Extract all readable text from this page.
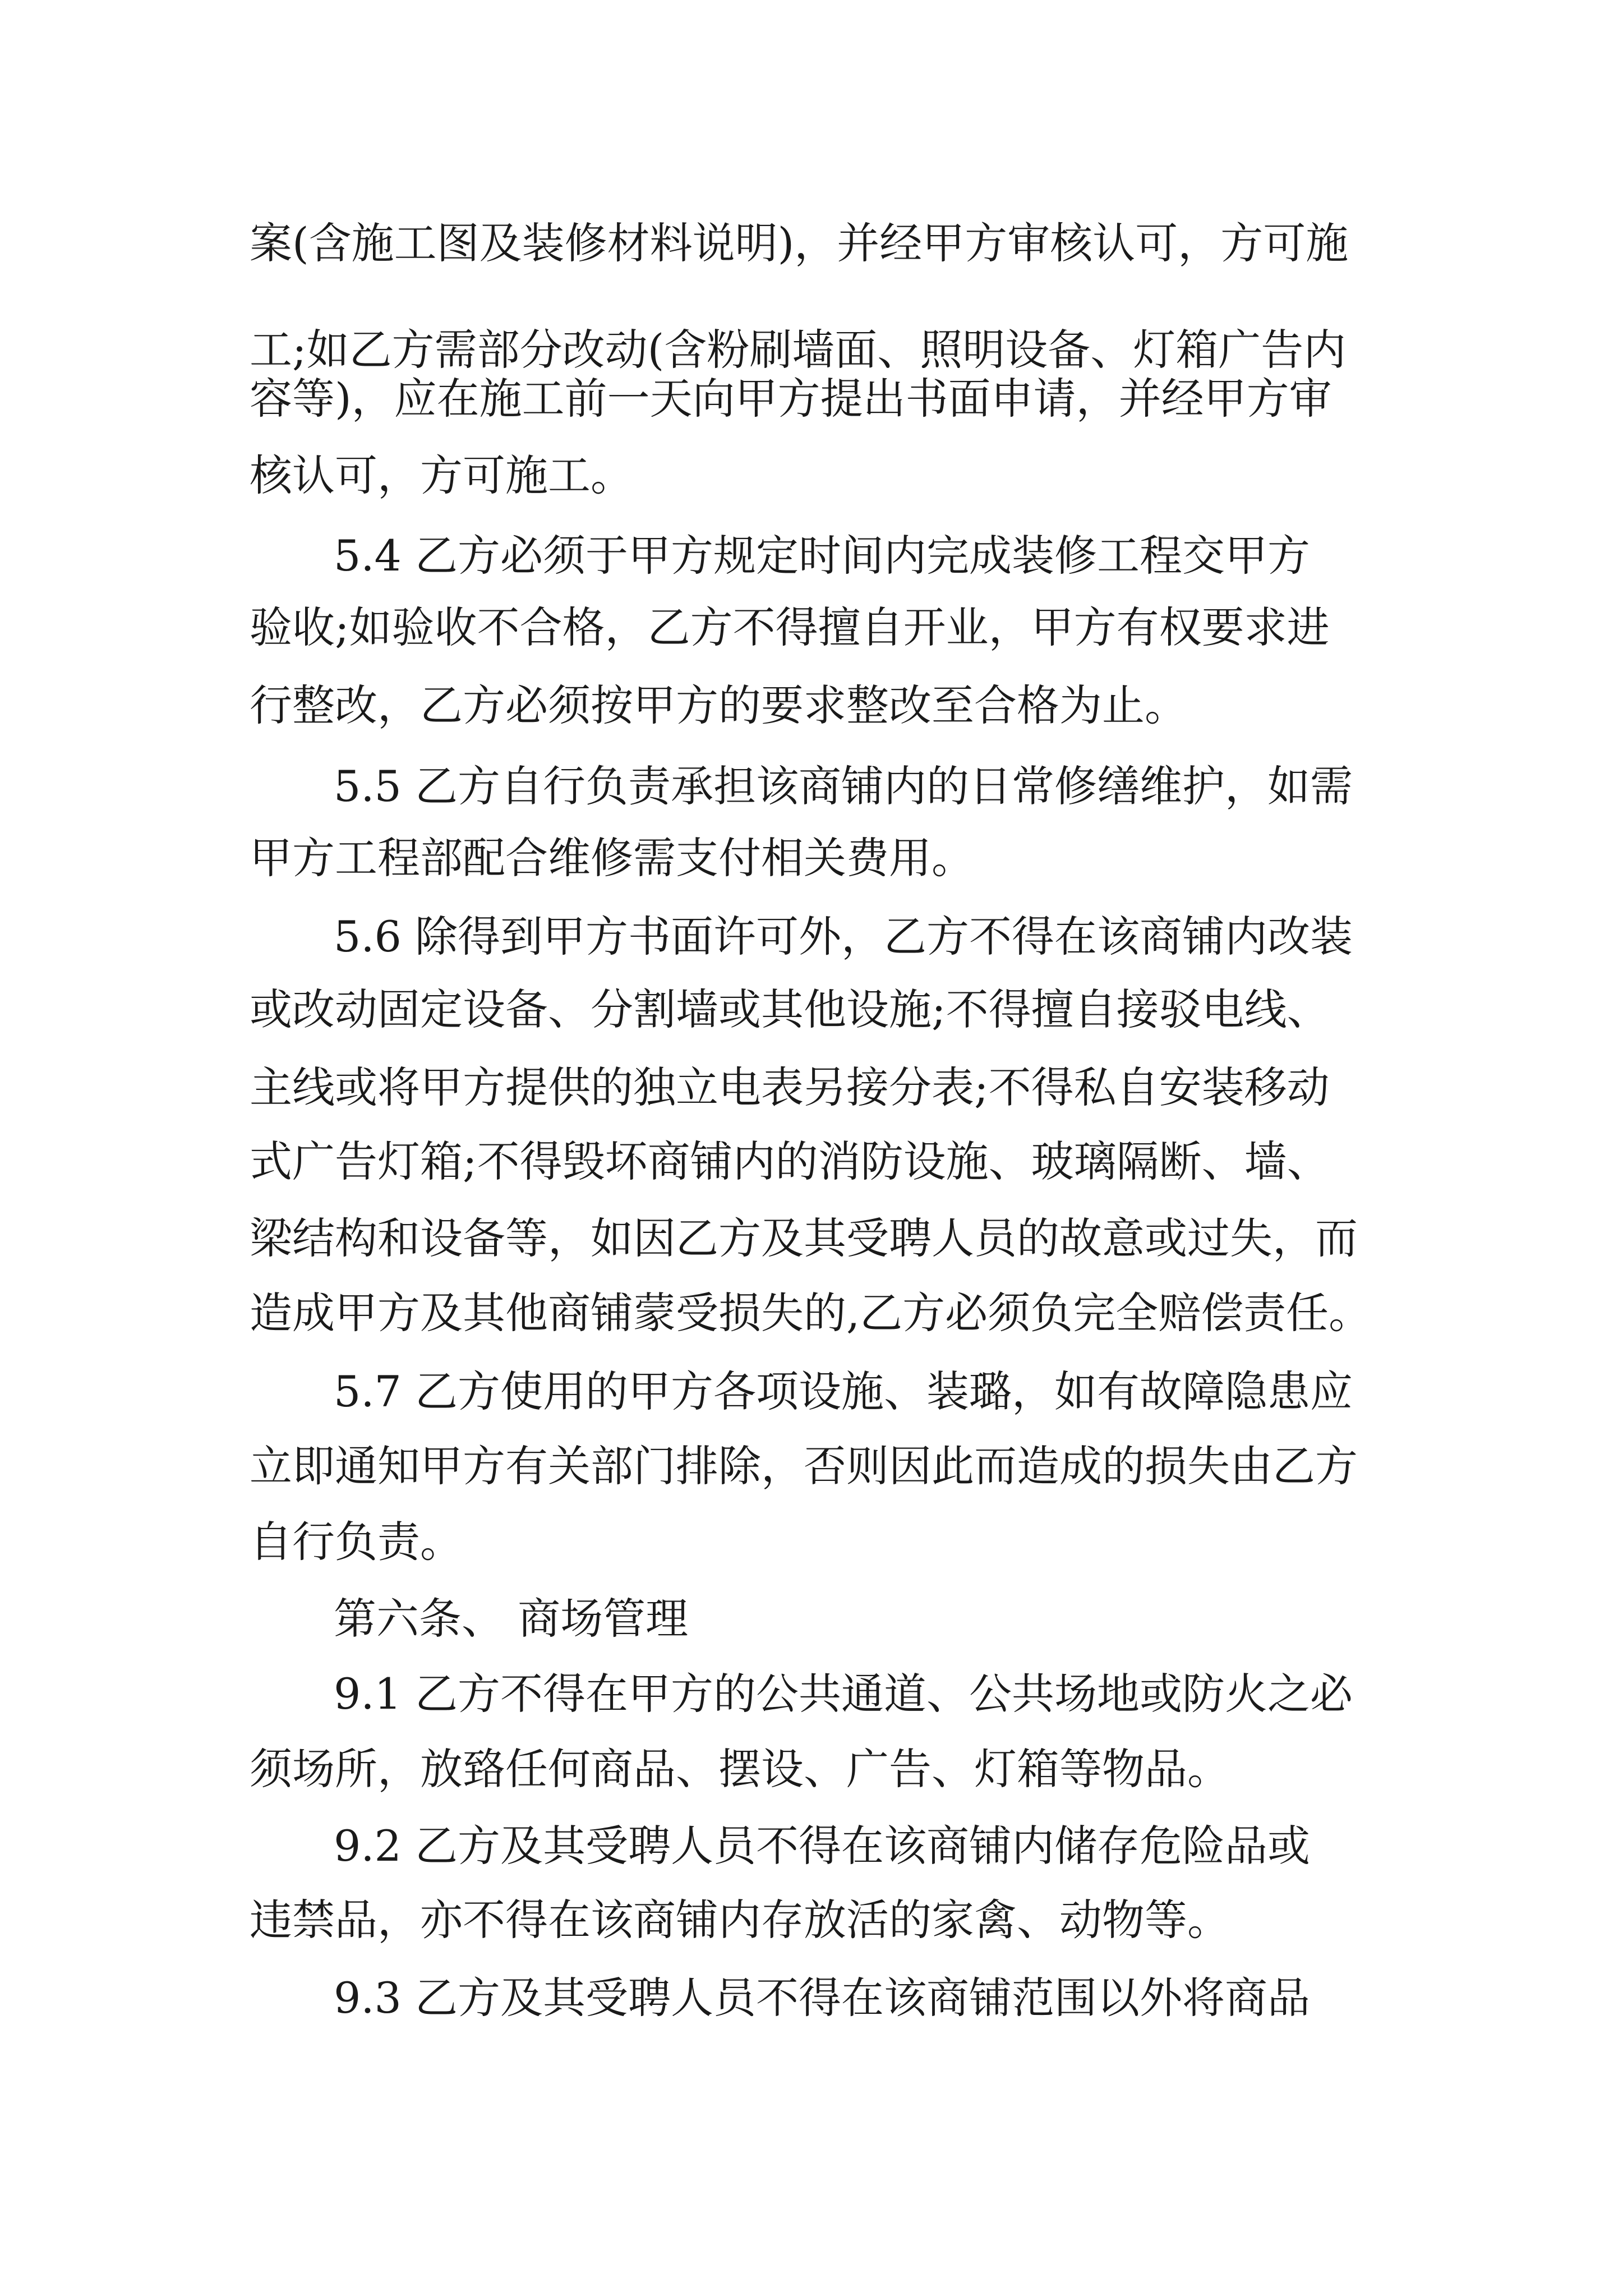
案(含施工图及装修材料说明)，并经甲方审核认可，方可施

工;如乙方需部分改动(含粉刷墙面、照明设备、灯箱广告内

容等)，应在施工前一天向甲方提出书面申请，并经甲方审

核认可，方可施工。

5.4 乙方必须于甲方规定时间内完成装修工程交甲方

验收;如验收不合格，乙方不得擅自开业，甲方有权要求进

行整改，乙方必须按甲方的要求整改至合格为止。

5.5 乙方自行负责承担该商铺内的日常修缮维护，如需

甲方工程部配合维修需支付相关费用。

5.6 除得到甲方书面许可外，乙方不得在该商铺内改装

或改动固定设备、分割墙或其他设施;不得擅自接驳电线、

主线或将甲方提供的独立电表另接分表;不得私自安装移动

式广告灯箱;不得毁坏商铺内的消防设施、玻璃隔断、墙、

梁结构和设备等，如因乙方及其受聘人员的故意或过失，而

造成甲方及其他商铺蒙受损失的,乙方必须负完全赔偿责任。

5.7 乙方使用的甲方各项设施、装璐，如有故障隐患应

立即通知甲方有关部门排除，否则因此而造成的损失由乙方

自行负责。

第六条、 商场管理

9.1 乙方不得在甲方的公共通道、公共场地或防火之必

须场所，放臵任何商品、摆设、广告、灯箱等物品。

9.2 乙方及其受聘人员不得在该商铺内储存危险品或

违禁品，亦不得在该商铺内存放活的家禽、动物等。

9.3 乙方及其受聘人员不得在该商铺范围以外将商品
